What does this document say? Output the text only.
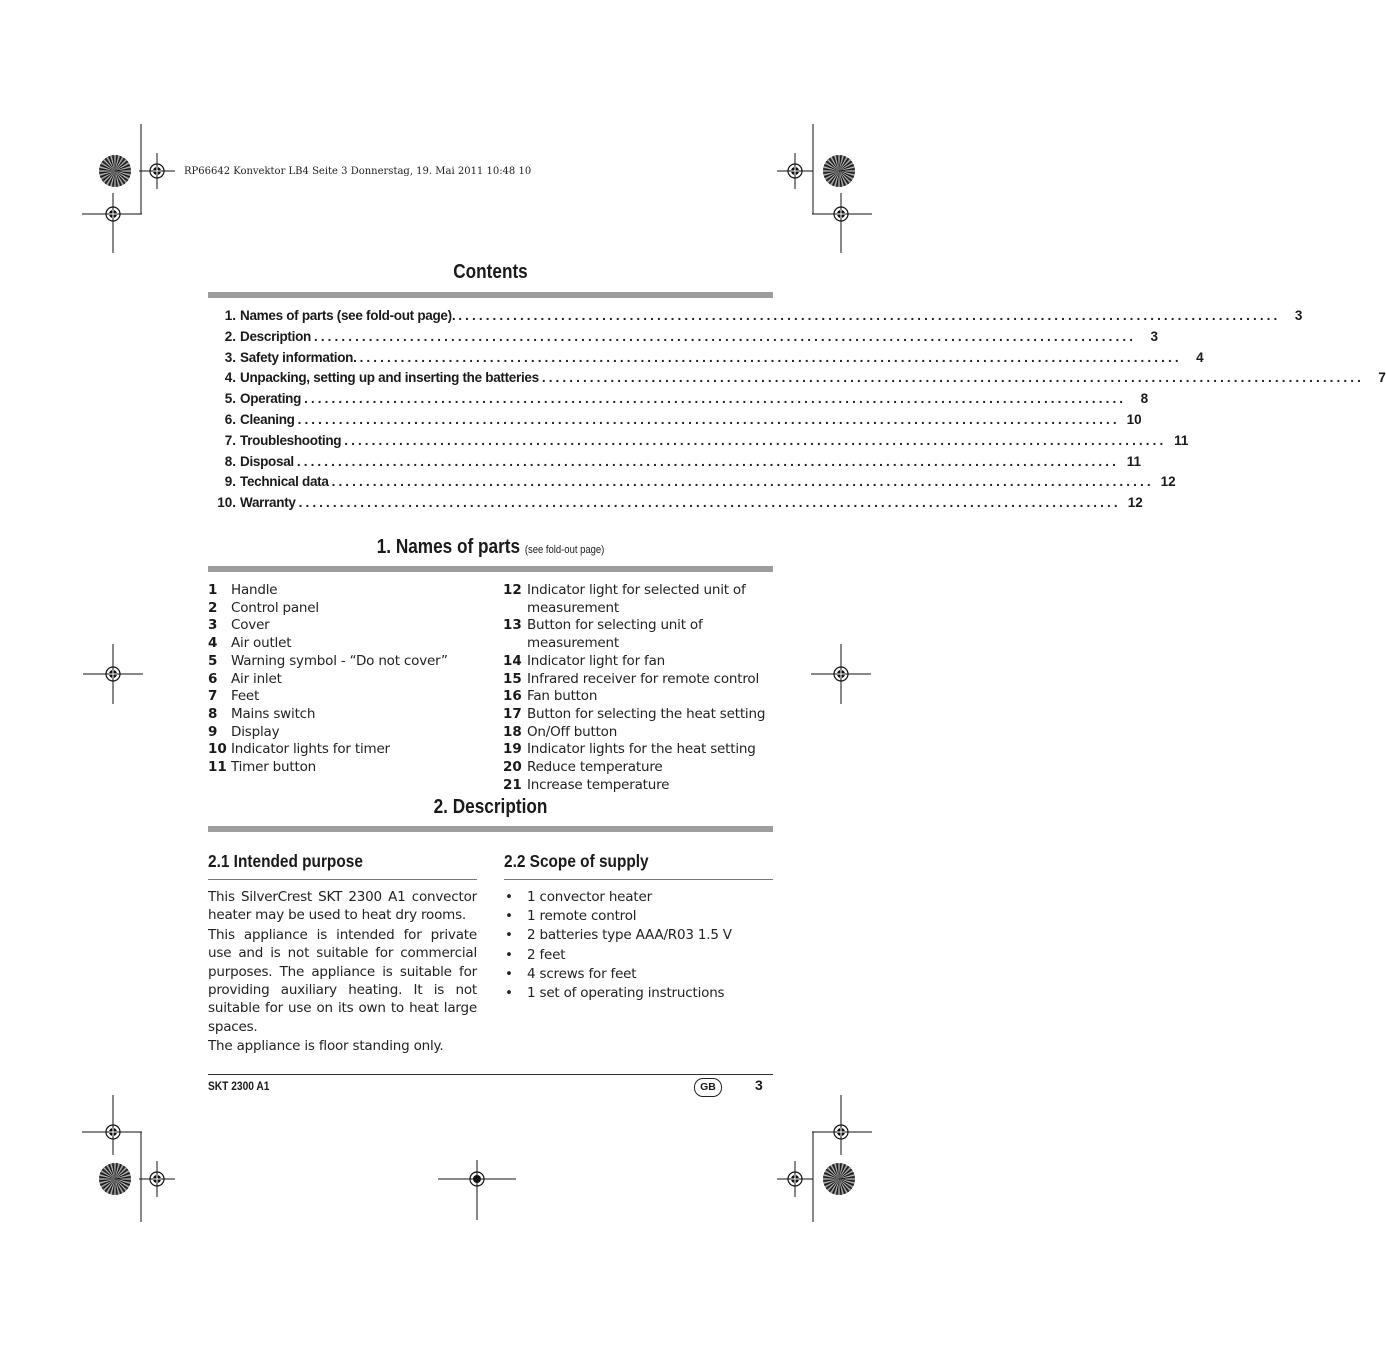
RP66642 Konvektor LB4 Seite 3 Donnerstag, 19. Mai 2011 10:48 10
Contents
1. Names of parts (see fold-out page). ........................................................................................................................	3
2. Description ........................................................................................................................	3
3. Safety information. ........................................................................................................................	4
4. Unpacking, setting up and inserting the batteries ........................................................................................................................	7
5. Operating ........................................................................................................................	8
6. Cleaning ........................................................................................................................ 10
7. Troubleshooting ........................................................................................................................ 11
8. Disposal ........................................................................................................................ 11
9. Technical data ........................................................................................................................ 12
10. Warranty ........................................................................................................................ 12
1. Names of parts (see fold-out page)
1	Handle
2	Control panel
3	Cover
4	Air outlet
5	Warning symbol - “Do not cover”
6	Air inlet
7	Feet
8	Mains switch
9	Display
10 Indicator lights for timer
11 Timer button
12 Indicator light for selected unit of measurement
13 Button for selecting unit of measurement
14 Indicator light for fan
15 Infrared receiver for remote control
16 Fan button
17 Button for selecting the heat setting
18 On/Off button
19 Indicator lights for the heat setting
20 Reduce temperature
21 Increase temperature
2. Description
2.1 Intended purpose

This SilverCrest SKT 2300 A1 convector heater may be used to heat dry rooms.

This appliance is intended for private use and is not suitable for commercial purposes. The appliance is suitable for providing auxiliary heating. It is not suitable for use on its own to heat large spaces.

The appliance is floor standing only.

2.2 Scope of supply
•	1 convector heater
•	1 remote control
•	2 batteries type AAA/R03 1.5 V
•	2 feet
•	4 screws for feet
•	1 set of operating instructions
SKT 2300 A1	GB	3
